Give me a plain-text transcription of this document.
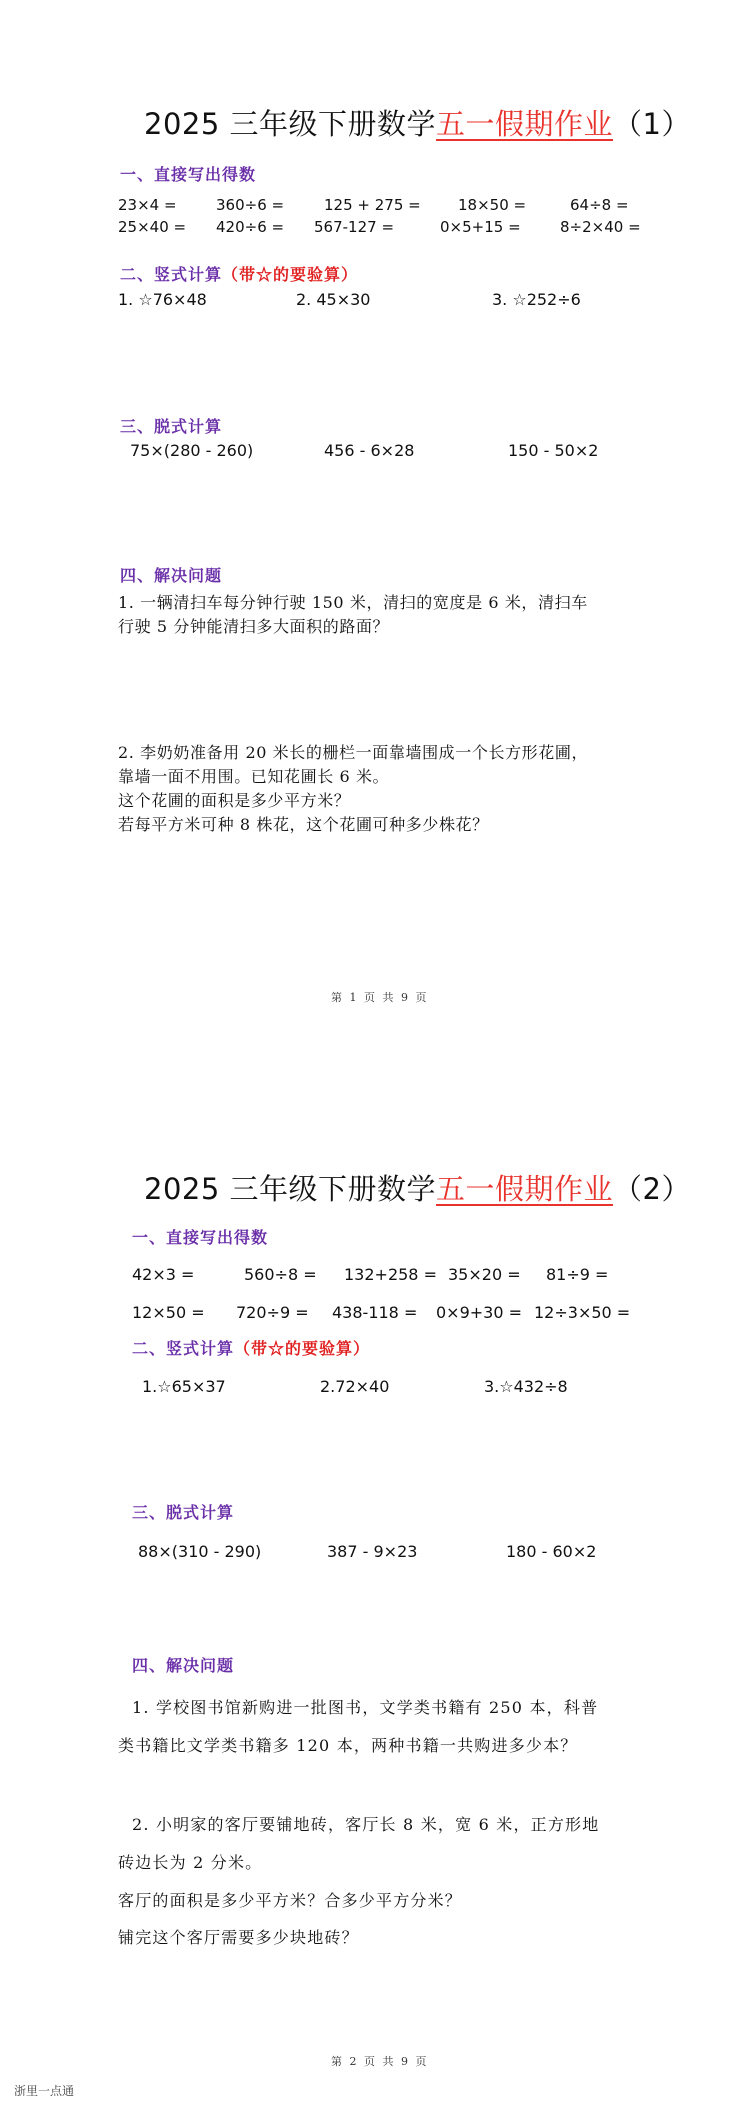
2025 三年级下册数学五一假期作业（1）
一、直接写出得数
23×4 =	360÷6 =	125 + 275 = 18×50 =	64÷8 =
25×40 = 420÷6 = 567-127 =	0×5+15 =	8÷2×40 =
二、竖式计算（带☆的要验算）
1. ☆76×48	2. 45×30	3. ☆252÷6
三、脱式计算
75×(280 - 260)	456 - 6×28	150 - 50×2
四、解决问题
1. 一辆清扫车每分钟行驶 150 米，清扫的宽度是 6 米，清扫车
行驶 5 分钟能清扫多大面积的路面？
2. 李奶奶准备用 20 米长的栅栏一面靠墙围成一个长方形花圃，
靠墙一面不用围。已知花圃长 6 米。
这个花圃的面积是多少平方米？
若每平方米可种 8 株花，这个花圃可种多少株花？
第 1 页 共 9 页
2025 三年级下册数学五一假期作业（2）
一、直接写出得数
42×3 =	560÷8 = 132+258 = 35×20 = 81÷9 =
12×50 = 720÷9 = 438-118 = 0×9+30 = 12÷3×50 =
二、竖式计算（带☆的要验算）
1.☆65×37	2.72×40	3.☆432÷8
三、脱式计算
88×(310 - 290)	387 - 9×23	180 - 60×2
四、解决问题
1. 学校图书馆新购进一批图书，文学类书籍有 250 本，科普
类书籍比文学类书籍多 120 本，两种书籍一共购进多少本？
2. 小明家的客厅要铺地砖，客厅长 8 米，宽 6 米，正方形地
砖边长为 2 分米。
客厅的面积是多少平方米？合多少平方分米？
铺完这个客厅需要多少块地砖？
第 2 页 共 9 页
浙里一点通
